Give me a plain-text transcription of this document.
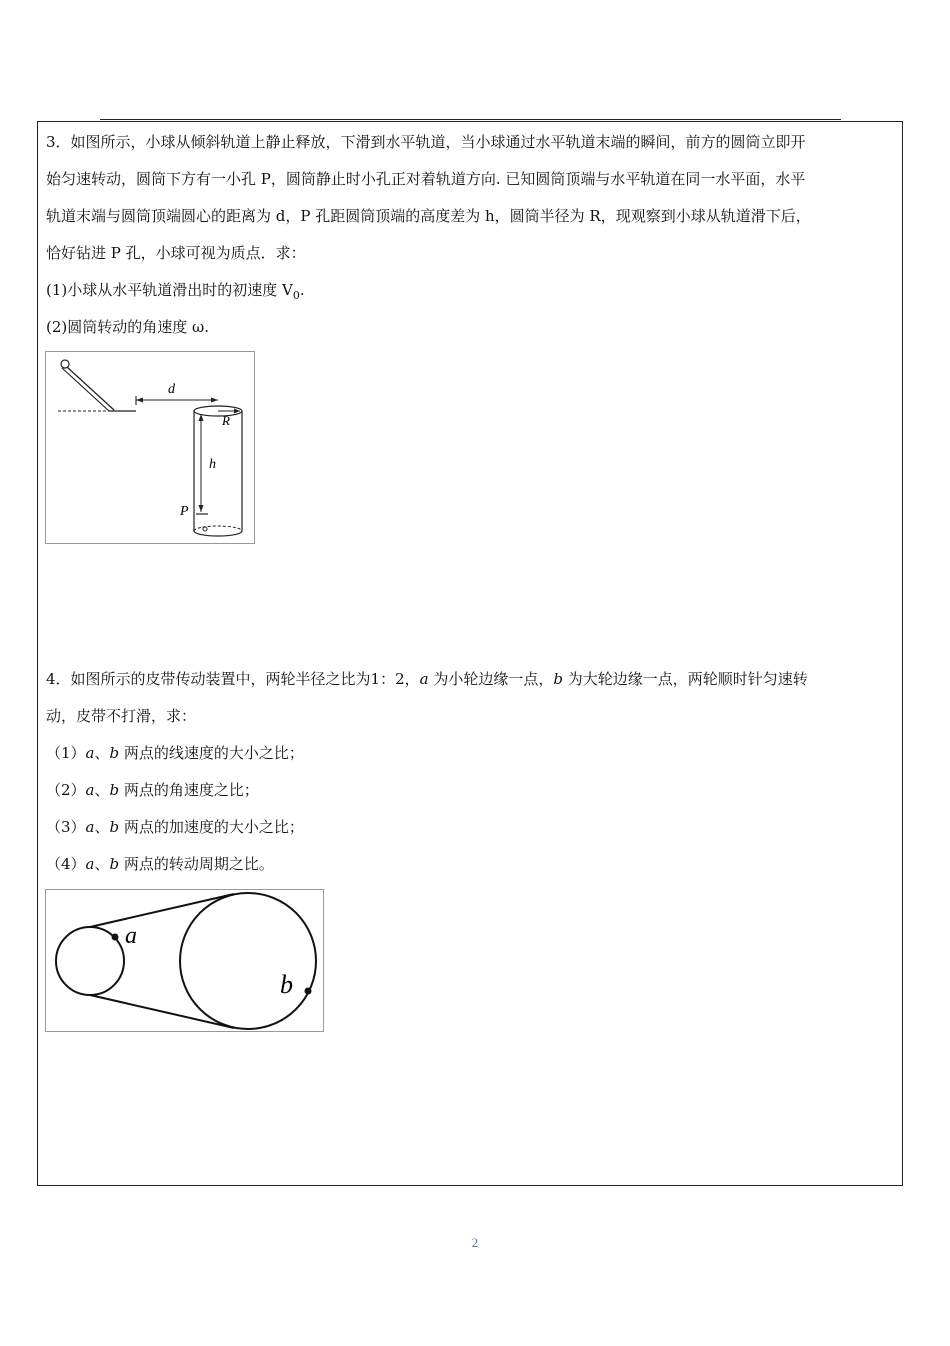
3．如图所示，小球从倾斜轨道上静止释放，下滑到水平轨道，当小球通过水平轨道末端的瞬间，前方的圆筒立即开
始匀速转动，圆筒下方有一小孔 P，圆筒静止时小孔正对着轨道方向. 已知圆筒顶端与水平轨道在同一水平面，水平
轨道末端与圆筒顶端圆心的距离为 d，P 孔距圆筒顶端的高度差为 h，圆筒半径为 R，现观察到小球从轨道滑下后，
恰好钻进 P 孔，小球可视为质点．求：
(1)小球从水平轨道滑出时的初速度 $V_0$.
(2)圆筒转动的角速度 ω.
d
R
h
P
4．如图所示的皮带传动装置中，两轮半径之比为1：2，a 为小轮边缘一点，b 为大轮边缘一点，两轮顺时针匀速转
动，皮带不打滑，求：
（1）a、b 两点的线速度的大小之比；
（2）a、b 两点的角速度之比；
（3）a、b 两点的加速度的大小之比；
（4）a、b 两点的转动周期之比。
a
b
2
